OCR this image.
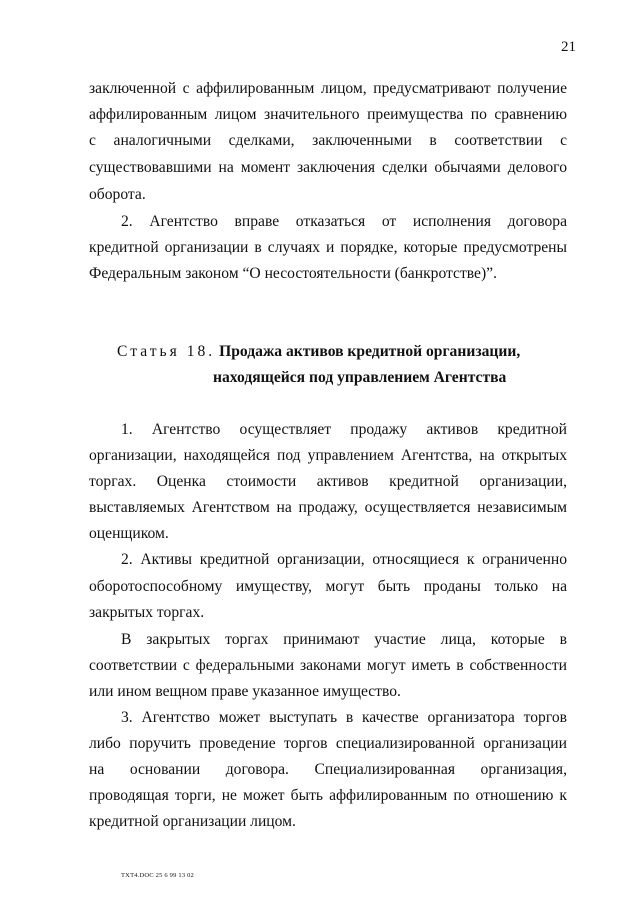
21
заключенной с аффилированным лицом, предусматривают получение
аффилированным лицом значительного преимущества по сравнению
с аналогичными сделками, заключенными в соответствии с
существовавшими на момент заключения сделки обычаями делового
оборота.
2. Агентство вправе отказаться от исполнения договора
кредитной организации в случаях и порядке, которые предусмотрены
Федеральным законом “О несостоятельности (банкротстве)”.
Статья 18. Продажа активов кредитной организации,
находящейся под управлением Агентства
1. Агентство осуществляет продажу активов кредитной
организации, находящейся под управлением Агентства, на открытых
торгах. Оценка стоимости активов кредитной организации,
выставляемых Агентством на продажу, осуществляется независимым
оценщиком.
2. Активы кредитной организации, относящиеся к ограниченно
оборотоспособному имуществу, могут быть проданы только на
закрытых торгах.
В закрытых торгах принимают участие лица, которые в
соответствии с федеральными законами могут иметь в собственности
или ином вещном праве указанное имущество.
3. Агентство может выступать в качестве организатора торгов
либо поручить проведение торгов специализированной организации
на основании договора. Специализированная организация,
проводящая торги, не может быть аффилированным по отношению к
кредитной организации лицом.
TXT4.DOC 25 6 99 13 02
